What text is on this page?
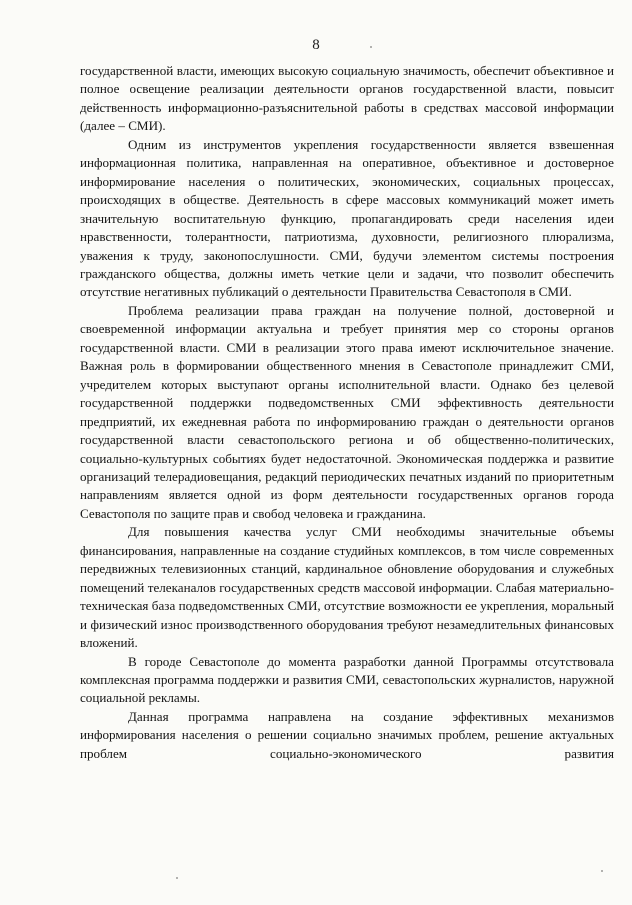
8

государственной власти, имеющих высокую социальную значимость, обеспечит объективное и полное освещение реализации деятельности органов государственной власти, повысит действенность информационно-разъяснительной работы в средствах массовой информации (далее – СМИ).

Одним из инструментов укрепления государственности является взвешенная информационная политика, направленная на оперативное, объективное и достоверное информирование населения о политических, экономических, социальных процессах, происходящих в обществе. Деятельность в сфере массовых коммуникаций может иметь значительную воспитательную функцию, пропагандировать среди населения идеи нравственности, толерантности, патриотизма, духовности, религиозного плюрализма, уважения к труду, законопослушности. СМИ, будучи элементом системы построения гражданского общества, должны иметь четкие цели и задачи, что позволит обеспечить отсутствие негативных публикаций о деятельности Правительства Севастополя в СМИ.

Проблема реализации права граждан на получение полной, достоверной и своевременной информации актуальна и требует принятия мер со стороны органов государственной власти. СМИ в реализации этого права имеют исключительное значение. Важная роль в формировании общественного мнения в Севастополе принадлежит СМИ, учредителем которых выступают органы исполнительной власти. Однако без целевой государственной поддержки подведомственных СМИ эффективность деятельности предприятий, их ежедневная работа по информированию граждан о деятельности органов государственной власти севастопольского региона и об общественно-политических, социально-культурных событиях будет недостаточной. Экономическая поддержка и развитие организаций телерадиовещания, редакций периодических печатных изданий по приоритетным направлениям является одной из форм деятельности государственных органов города Севастополя по защите прав и свобод человека и гражданина.

Для повышения качества услуг СМИ необходимы значительные объемы финансирования, направленные на создание студийных комплексов, в том числе современных передвижных телевизионных станций, кардинальное обновление оборудования и служебных помещений телеканалов государственных средств массовой информации. Слабая материально-техническая база подведомственных СМИ, отсутствие возможности ее укрепления, моральный и физический износ производственного оборудования требуют незамедлительных финансовых вложений.

В городе Севастополе до момента разработки данной Программы отсутствовала комплексная программа поддержки и развития СМИ, севастопольских журналистов, наружной социальной рекламы.

Данная программа направлена на создание эффективных механизмов информирования населения о решении социально значимых проблем, решение актуальных проблем социально-экономического развития
